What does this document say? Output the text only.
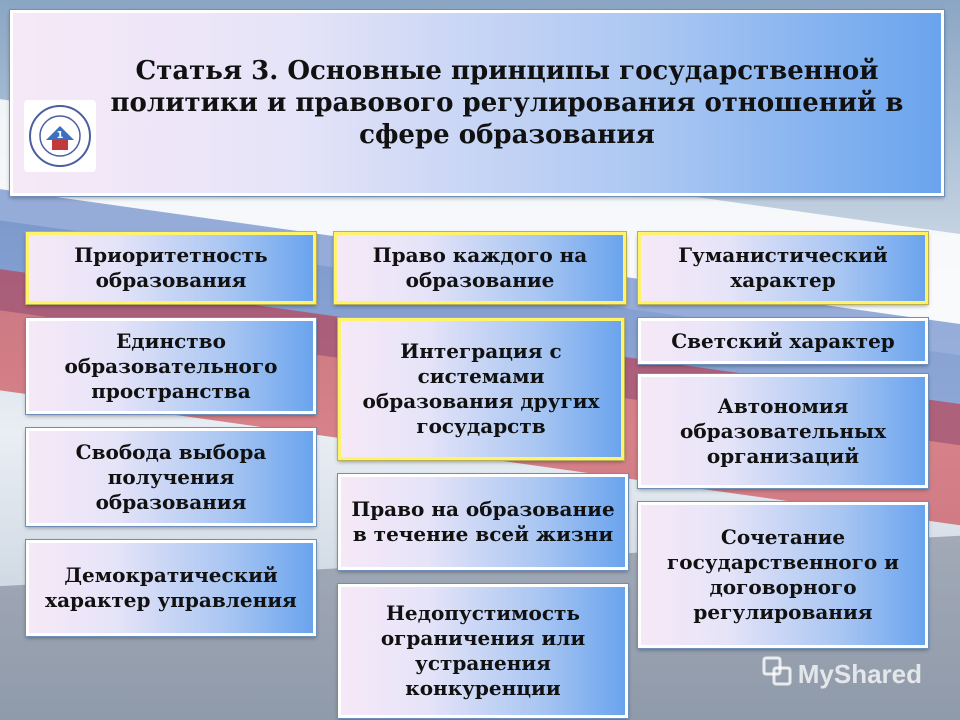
Статья 3. Основные принципы государственной политики и правового регулирования отношений в сфере образования
1
Приоритетность образования
Единство образовательного пространства
Свобода выбора получения образования
Демократический характер управления
Право каждого на образование
Интеграция с системами образования других государств
Право на образование в течение всей жизни
Недопустимость ограничения или устранения конкуренции
Гуманистический характер
Светский характер
Автономия образовательных организаций
Сочетание государственного и договорного регулирования
MyShared
